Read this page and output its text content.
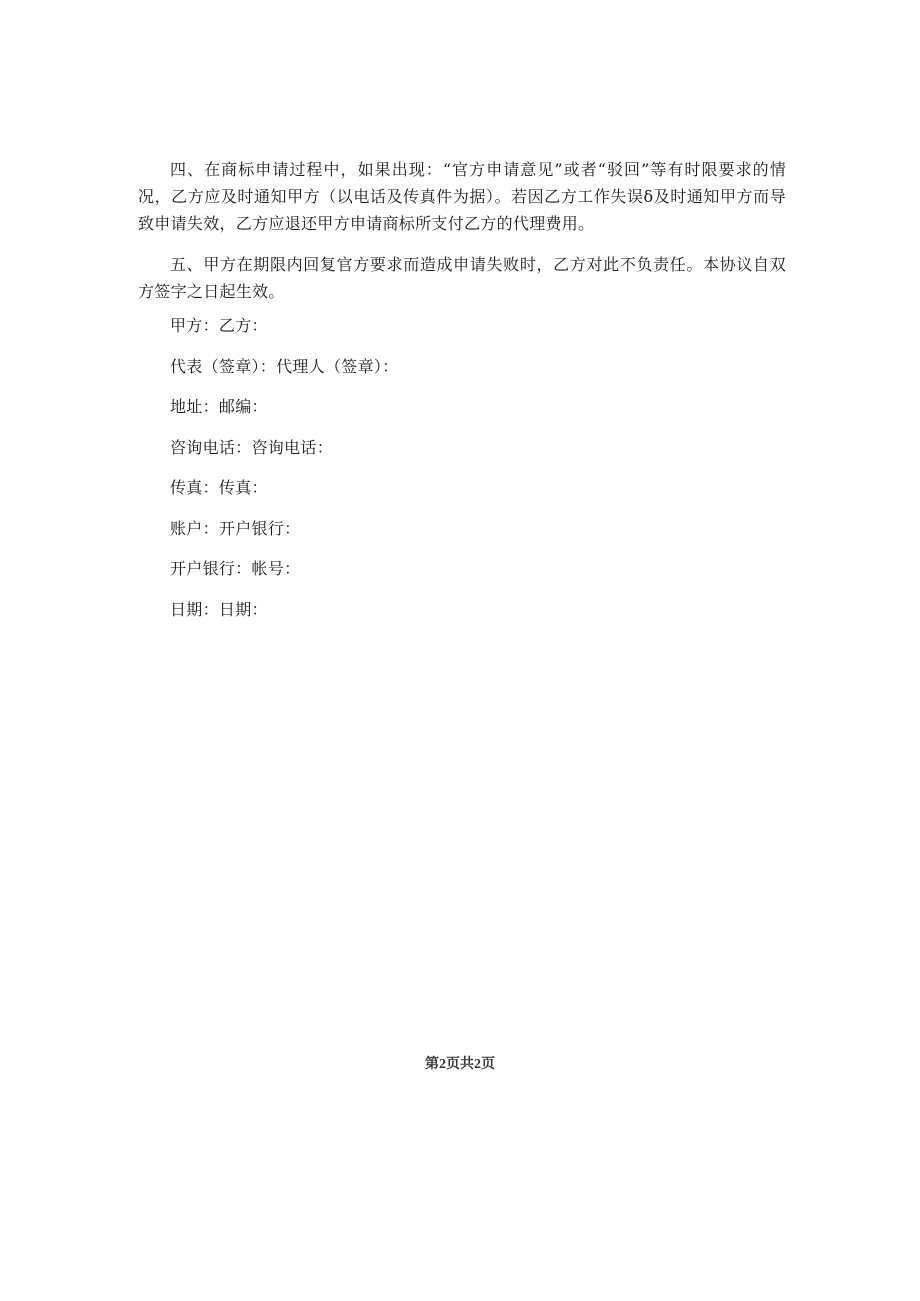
四、在商标申请过程中，如果出现：“官方申请意见”或者“驳回”等有时限要求的情况，乙方应及时通知甲方（以电话及传真件为据）。若因乙方工作失误δ及时通知甲方而导致申请失效，乙方应退还甲方申请商标所支付乙方的代理费用。

五、甲方在期限内回复官方要求而造成申请失败时，乙方对此不负责任。本协议自双方签字之日起生效。

甲方：乙方：
代表（签章）：代理人（签章）：
地址：邮编：
咨询电话：咨询电话：
传真：传真：
账户：开户银行：
开户银行：帐号：
日期：日期：
第2页共2页
